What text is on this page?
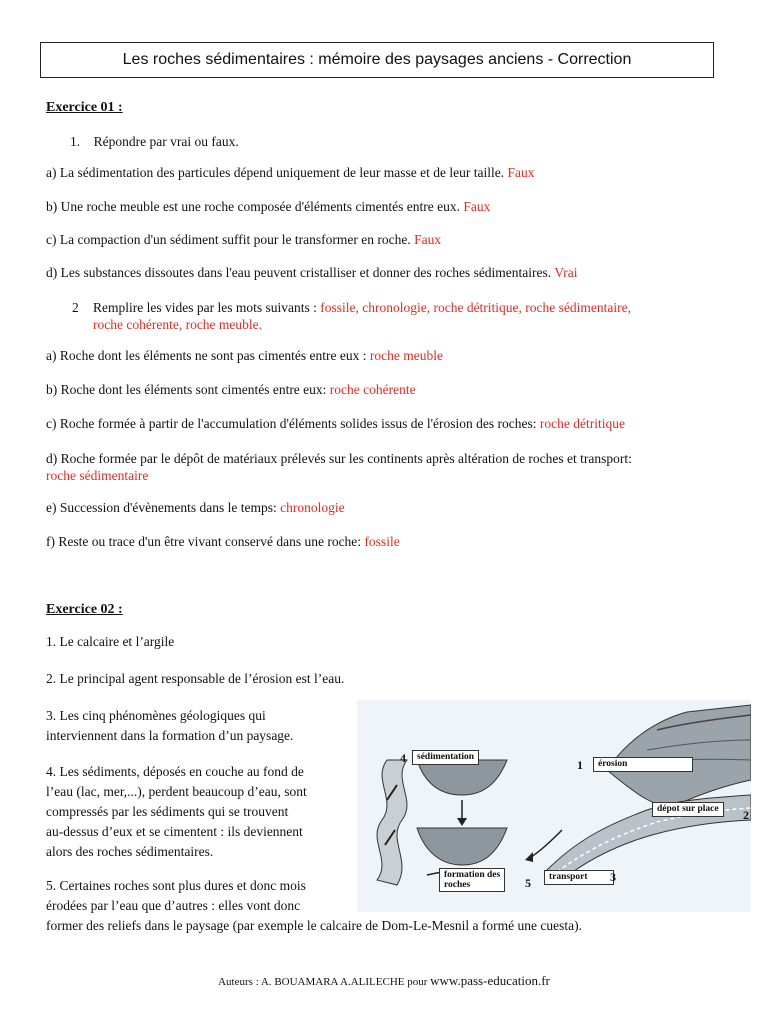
Les roches sédimentaires : mémoire des paysages anciens - Correction
Exercice 01 :
1. Répondre par vrai ou faux.
a) La sédimentation des particules dépend uniquement de leur masse et de leur taille. Faux
b) Une roche meuble est une roche composée d'éléments cimentés entre eux. Faux
c) La compaction d'un sédiment suffit pour le transformer en roche. Faux
d) Les substances dissoutes dans l'eau peuvent cristalliser et donner des roches sédimentaires. Vrai
2 Remplire les vides par les mots suivants : fossile, chronologie, roche détritique, roche sédimentaire,
roche cohérente, roche meuble.
a) Roche dont les éléments ne sont pas cimentés entre eux : roche meuble
b) Roche dont les éléments sont cimentés entre eux: roche cohérente
c) Roche formée à partir de l'accumulation d'éléments solides issus de l'érosion des roches: roche détritique
d) Roche formée par le dépôt de matériaux prélevés sur les continents après altération de roches et transport:
roche sédimentaire
e) Succession d'évènements dans le temps: chronologie
f) Reste ou trace d'un être vivant conservé dans une roche: fossile
Exercice 02 :
1. Le calcaire et l’argile
2. Le principal agent responsable de l’érosion est l’eau.
3. Les cinq phénomènes géologiques qui
interviennent dans la formation d’un paysage.
4. Les sédiments, déposés en couche au fond de
l’eau (lac, mer,...), perdent beaucoup d’eau, sont
compressés par les sédiments qui se trouvent
au-dessus d’eux et se cimentent : ils deviennent
alors des roches sédimentaires.
5. Certaines roches sont plus dures et donc mois
érodées par l’eau que d’autres : elles vont donc
former des reliefs dans le paysage (par exemple le calcaire de Dom-Le-Mesnil a formé une cuesta).
4	sédimentation
1	érosion
dépot sur place	2
formation des
roches	5	transport	3
Auteurs : A. BOUAMARA A.ALILECHE pour www.pass-education.fr
